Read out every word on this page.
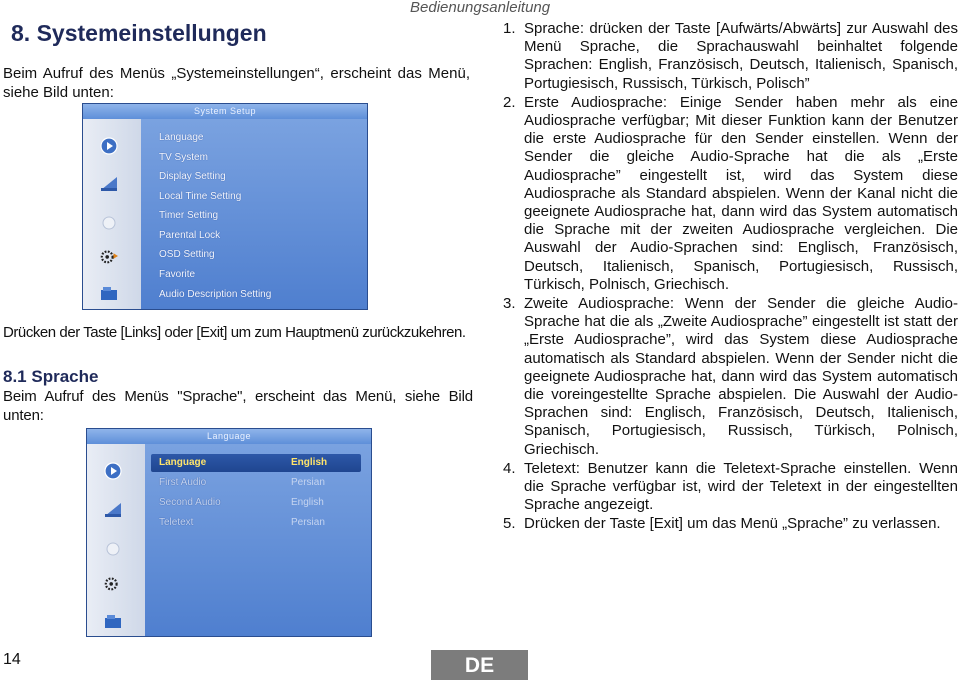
Bedienungsanleitung
8. Systemeinstellungen
Beim Aufruf des Menüs „Systemeinstellungen“, erscheint das Menü, siehe Bild unten:
System Setup
Language
TV System
Display Setting
Local Time Setting
Timer Setting
Parental Lock
OSD Setting
Favorite
Audio Description Setting
Drücken der Taste [Links] oder [Exit] um zum Hauptmenü zurückzukehren.
8.1 Sprache
Beim Aufruf des Menüs "Sprache", erscheint das Menü, siehe Bild unten:
Language
Language	English
First Audio	Persian
Second Audio	English
Teletext	Persian
1. Sprache: drücken der Taste [Aufwärts/Abwärts] zur Auswahl des Menü Sprache, die Sprachauswahl beinhaltet folgende Sprachen: English, Französisch, Deutsch, Italienisch, Spanisch, Portugiesisch, Russisch, Türkisch, Polisch”
2. Erste Audiosprache: Einige Sender haben mehr als eine Audiosprache verfügbar; Mit dieser Funktion kann der Benutzer die erste Audiosprache für den Sender einstellen. Wenn der Sender die gleiche Audio-Sprache hat die als „Erste Audiosprache” eingestellt ist, wird das System diese Audiosprache als Standard abspielen. Wenn der Kanal nicht die geeignete Audiosprache hat, dann wird das System automatisch die Sprache mit der zweiten Audiosprache vergleichen. Die Auswahl der Audio-Sprachen sind: Englisch, Französisch, Deutsch, Italienisch, Spanisch, Portugiesisch, Russisch, Türkisch, Polnisch, Griechisch.
3. Zweite Audiosprache: Wenn der Sender die gleiche Audio-Sprache hat die als „Zweite Audiosprache” eingestellt ist statt der „Erste Audiosprache”, wird das System diese Audiosprache automatisch als Standard abspielen. Wenn der Sender nicht die geeignete Audiosprache hat, dann wird das System automatisch die voreingestellte Sprache abspielen. Die Auswahl der Audio-Sprachen sind: Englisch, Französisch, Deutsch, Italienisch, Spanisch, Portugiesisch, Russisch, Türkisch, Polnisch, Griechisch.
4. Teletext: Benutzer kann die Teletext-Sprache einstellen. Wenn die Sprache verfügbar ist, wird der Teletext in der eingestellten Sprache angezeigt.
5. Drücken der Taste [Exit] um das Menü „Sprache” zu verlassen.
14	DE
